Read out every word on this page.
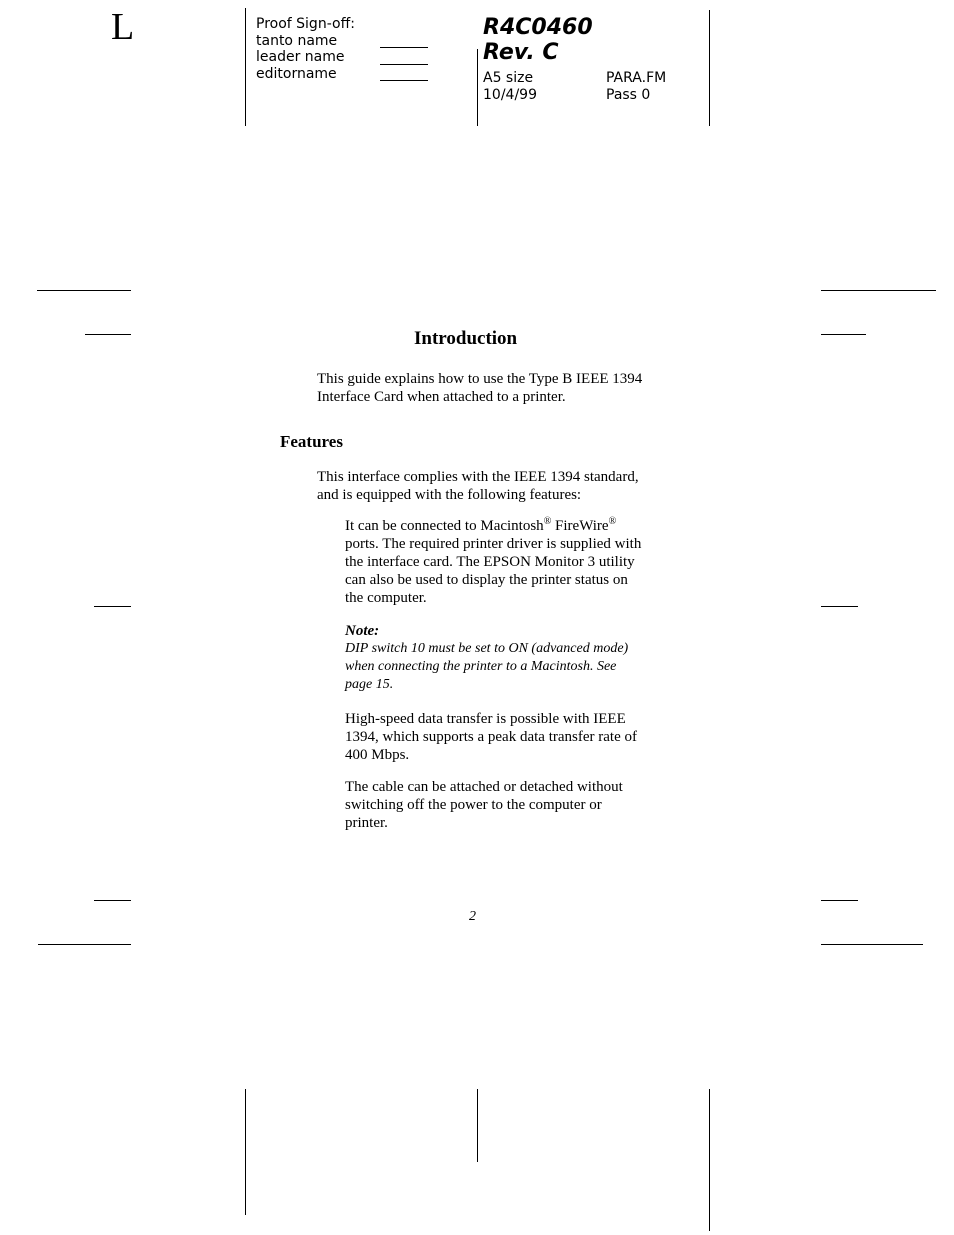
L	Proof Sign-off:
tanto name
leader name
editorname
R4C0460
Rev. C
A5 size	PARA.FM
10/4/99	Pass 0
Introduction
This guide explains how to use the Type B IEEE 1394
Interface Card when attached to a printer.
Features
This interface complies with the IEEE 1394 standard,
and is equipped with the following features:
It can be connected to Macintosh® FireWire®
ports. The required printer driver is supplied with
the interface card. The EPSON Monitor 3 utility
can also be used to display the printer status on
the computer.
Note:
DIP switch 10 must be set to ON (advanced mode)
when connecting the printer to a Macintosh. See
page 15.
High-speed data transfer is possible with IEEE
1394, which supports a peak data transfer rate of
400 Mbps.
The cable can be attached or detached without
switching off the power to the computer or
printer.
2
